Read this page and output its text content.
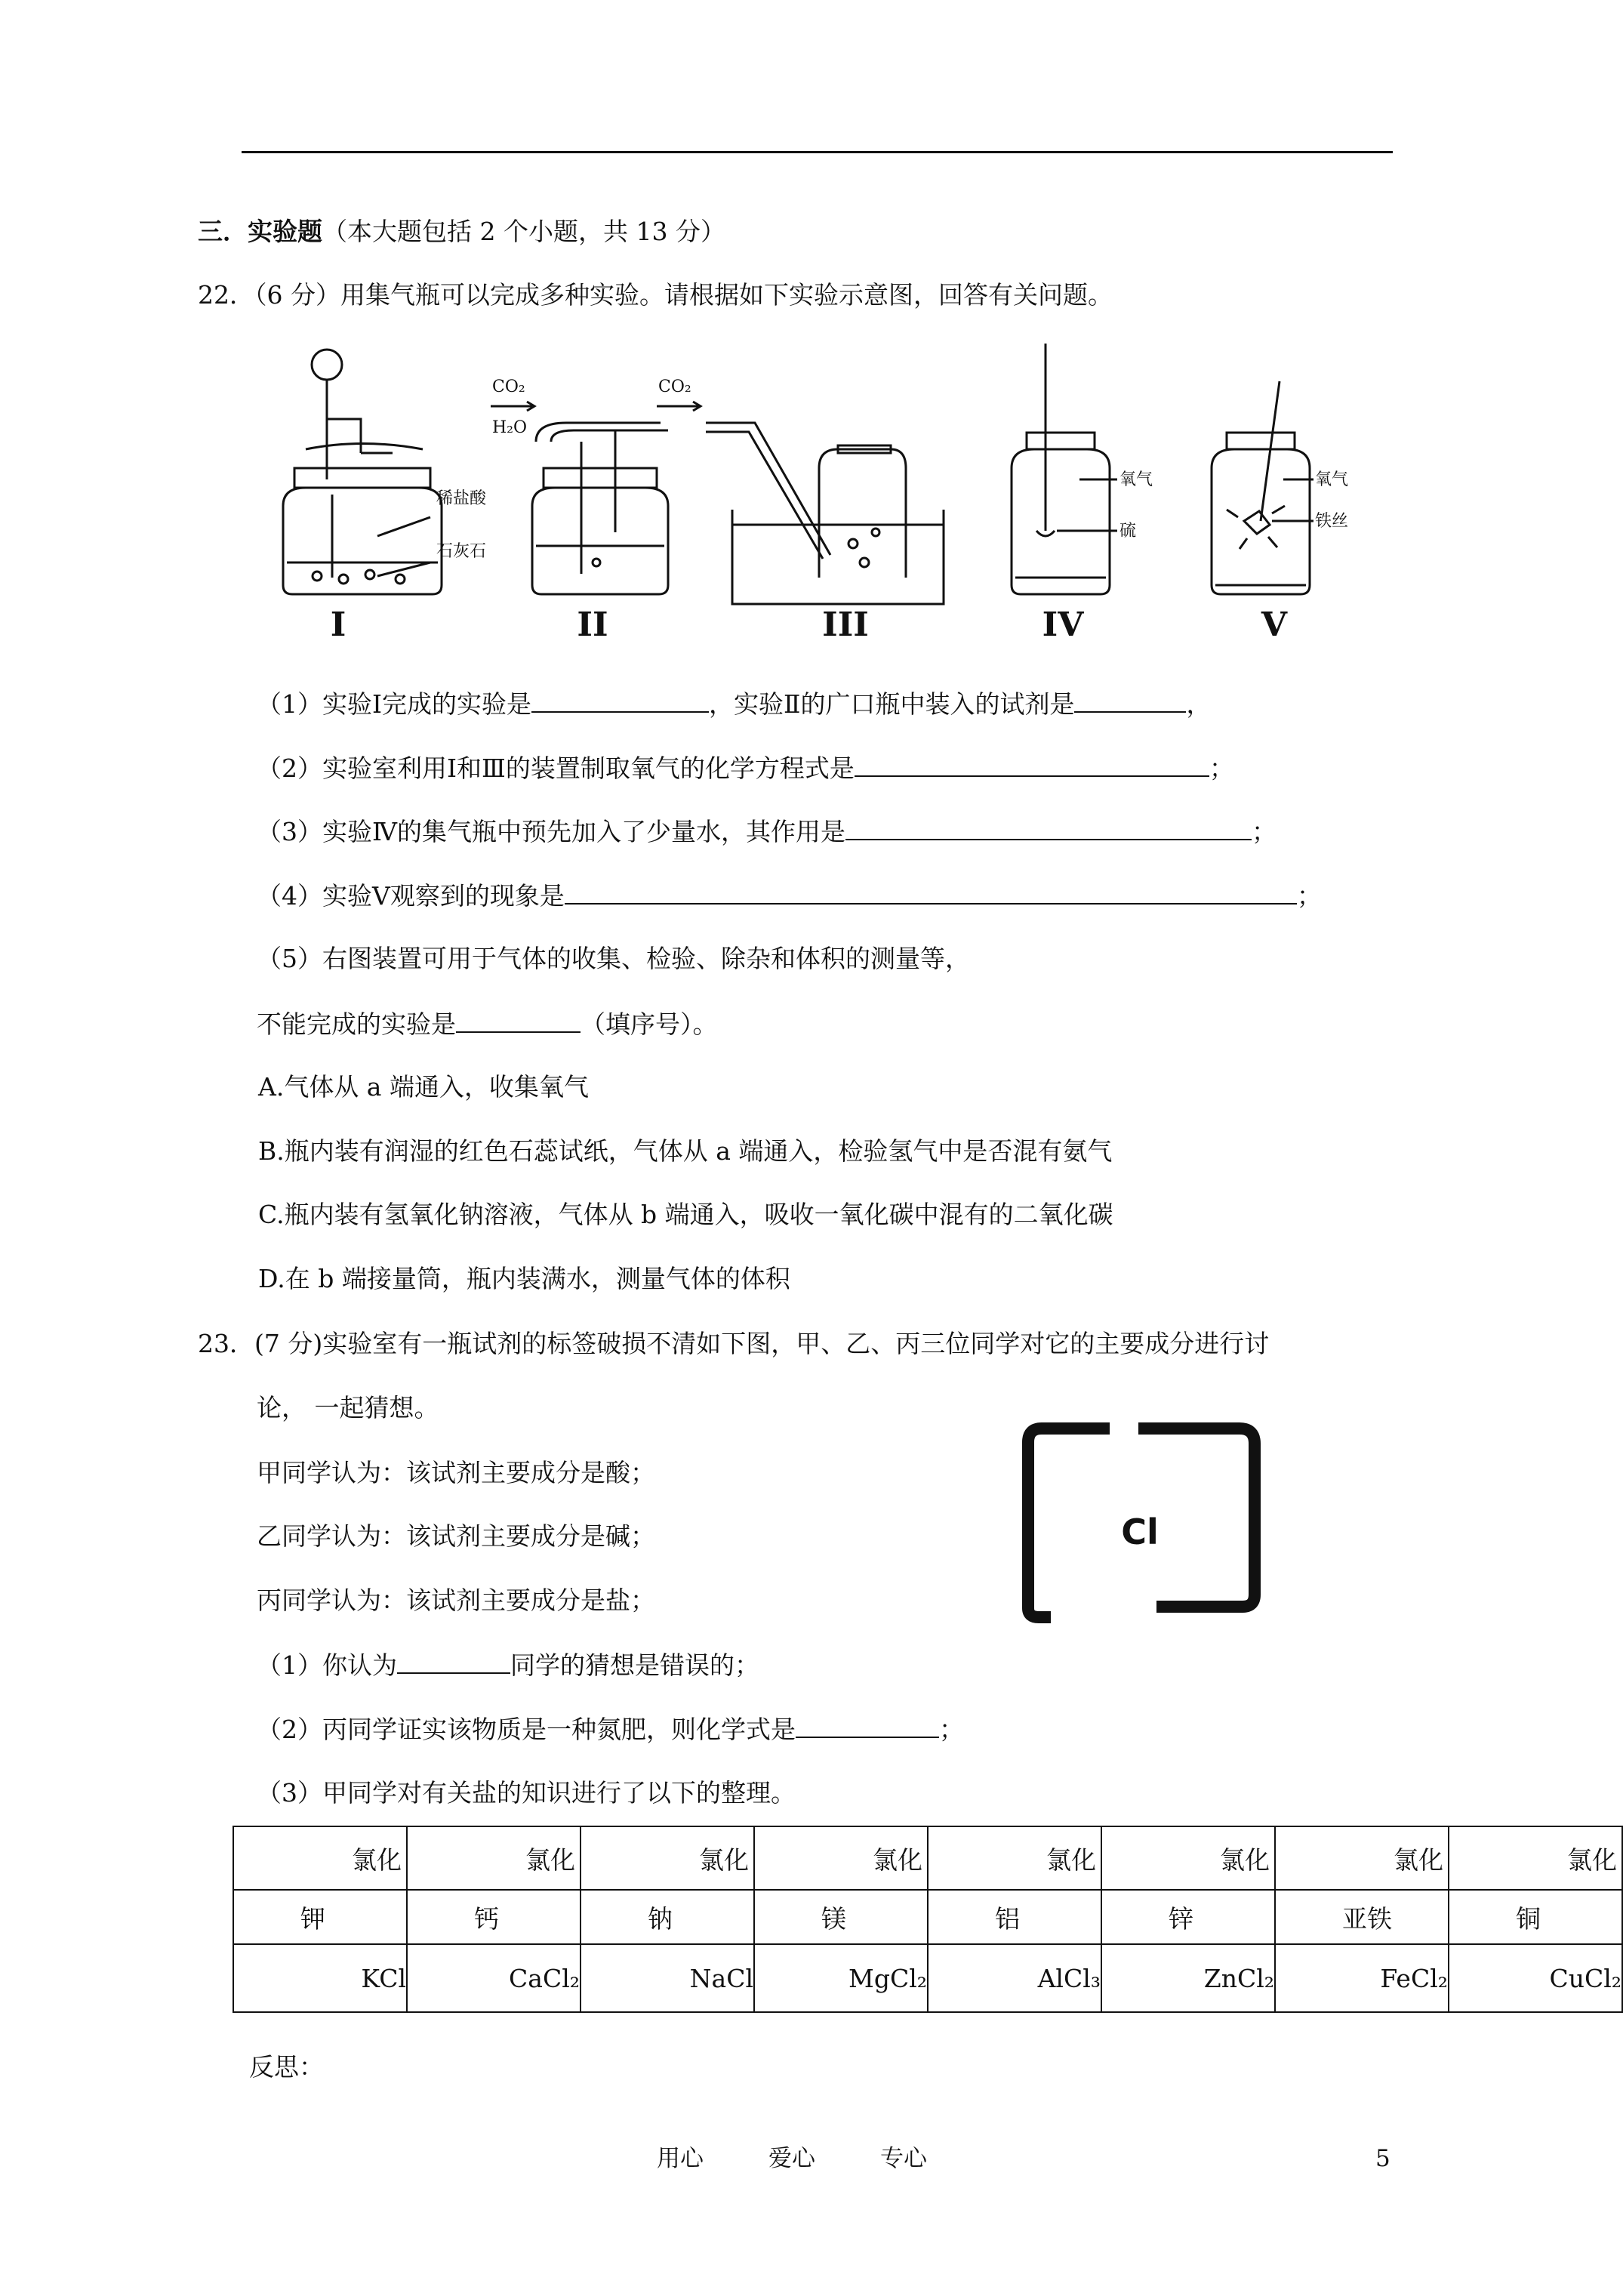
三．实验题（本大题包括 2 个小题，共 13 分）
22．（6 分）用集气瓶可以完成多种实验。请根据如下实验示意图，回答有关问题。
CO₂
H₂O
CO₂
稀盐酸
石灰石
氧气
硫
氧气
铁丝
I	II	III	IV	V
（1）实验Ⅰ完成的实验是	，实验Ⅱ的广口瓶中装入的试剂是	，
（2）实验室利用Ⅰ和Ⅲ的装置制取氧气的化学方程式是	；
（3）实验Ⅳ的集气瓶中预先加入了少量水，其作用是	；
（4）实验Ⅴ观察到的现象是	；
（5）右图装置可用于气体的收集、检验、除杂和体积的测量等，
不能完成的实验是	（填序号）。
A.气体从 a 端通入，收集氧气
B.瓶内装有润湿的红色石蕊试纸，气体从 a 端通入，检验氢气中是否混有氨气
C.瓶内装有氢氧化钠溶液，气体从 b 端通入，吸收一氧化碳中混有的二氧化碳
D.在 b 端接量筒，瓶内装满水，测量气体的体积
23．(7 分)实验室有一瓶试剂的标签破损不清如下图，甲、乙、丙三位同学对它的主要成分进行讨
论， 一起猜想。
Cl
甲同学认为：该试剂主要成分是酸；
乙同学认为：该试剂主要成分是碱；
丙同学认为：该试剂主要成分是盐；
（1）你认为	同学的猜想是错误的；
（2）丙同学证实该物质是一种氮肥，则化学式是	；
（3）甲同学对有关盐的知识进行了以下的整理。
氯化	氯化	氯化	氯化	氯化	氯化	氯化	氯化
钾	钙	钠	镁	铝	锌	亚铁	铜
KCl	CaCl₂	NaCl	MgCl₂	AlCl₃	ZnCl₂	FeCl₂	CuCl₂
反思：
用心	爱心	专心	5
